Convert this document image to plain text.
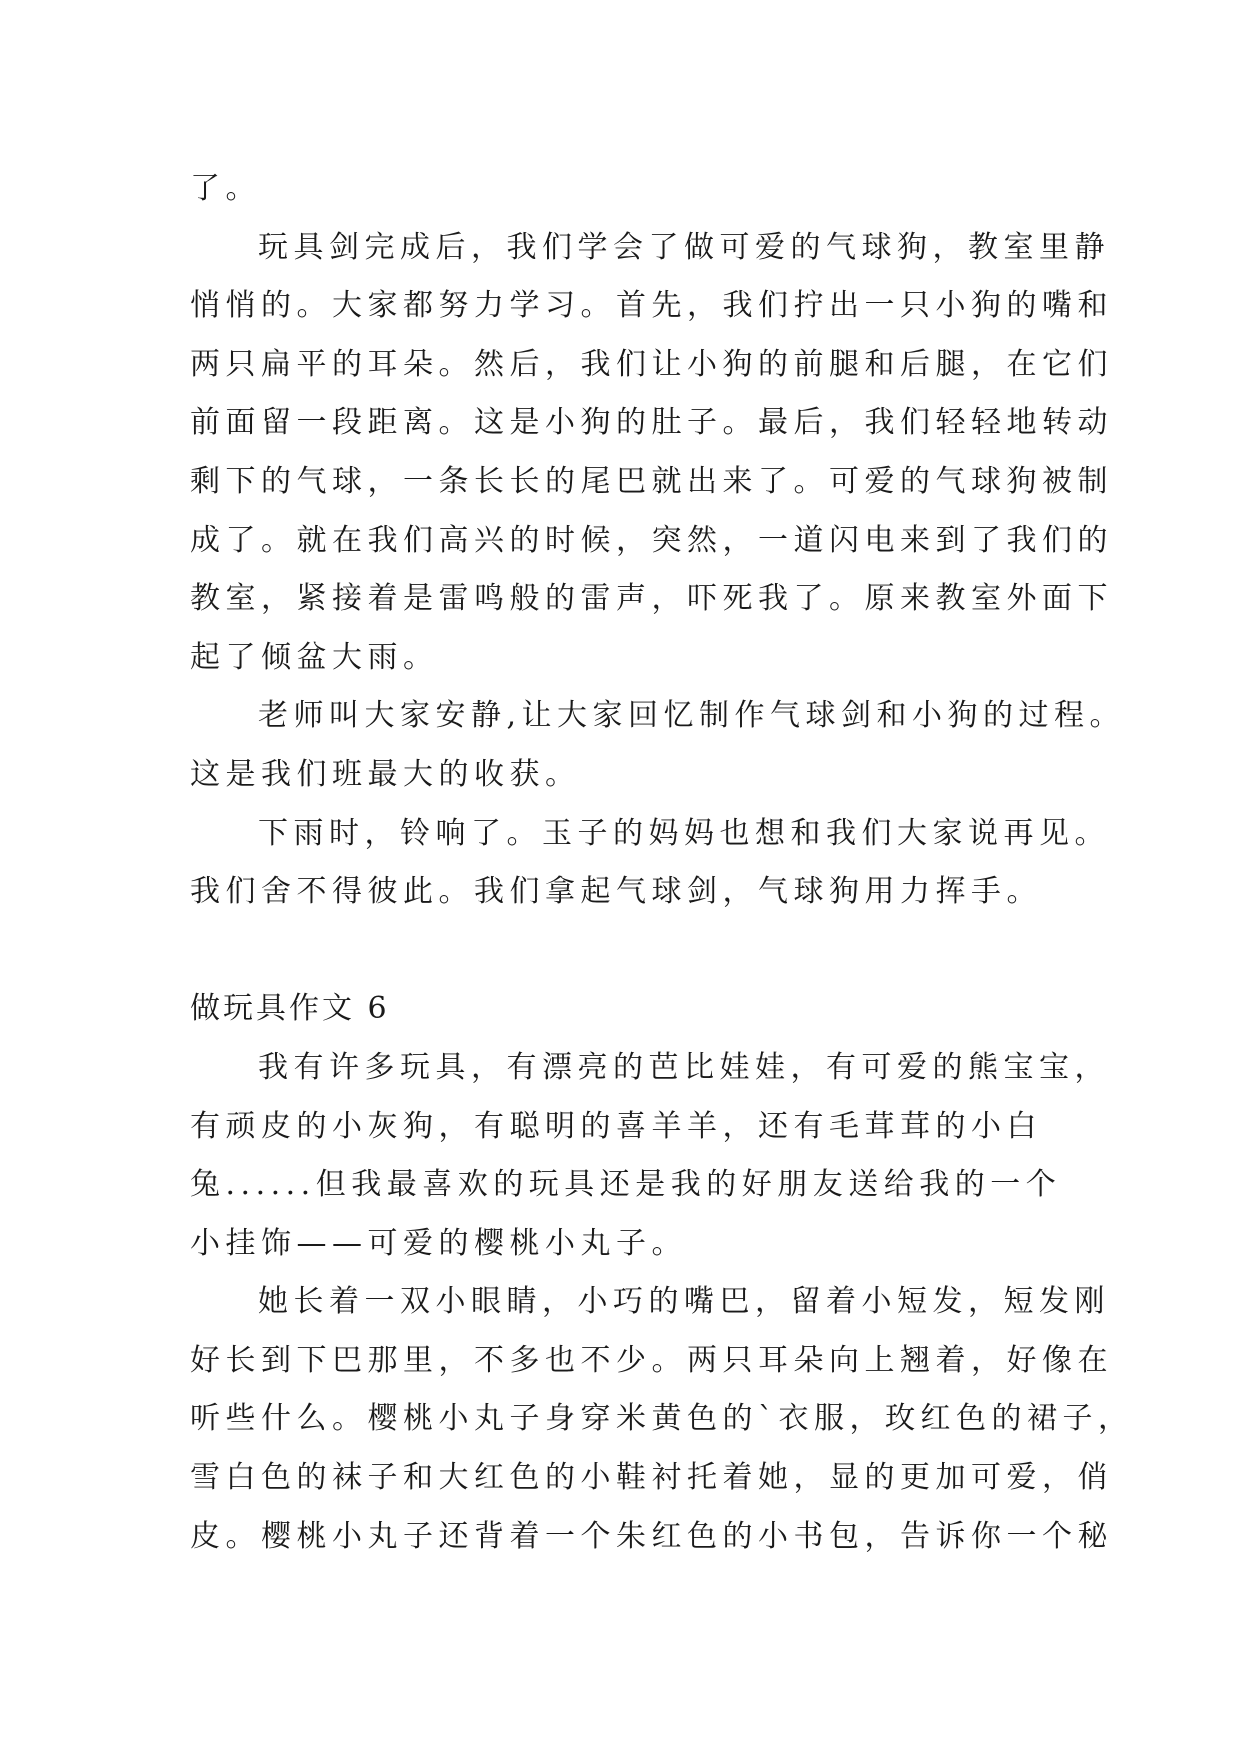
了。
玩具剑完成后，我们学会了做可爱的气球狗，教室里静
悄悄的。大家都努力学习。首先，我们拧出一只小狗的嘴和
两只扁平的耳朵。然后，我们让小狗的前腿和后腿，在它们
前面留一段距离。这是小狗的肚子。最后，我们轻轻地转动
剩下的气球，一条长长的尾巴就出来了。可爱的气球狗被制
成了。就在我们高兴的时候，突然，一道闪电来到了我们的
教室，紧接着是雷鸣般的雷声，吓死我了。原来教室外面下
起了倾盆大雨。
老师叫大家安静,让大家回忆制作气球剑和小狗的过程。
这是我们班最大的收获。
下雨时，铃响了。玉子的妈妈也想和我们大家说再见。
我们舍不得彼此。我们拿起气球剑，气球狗用力挥手。
做玩具作文 6
我有许多玩具，有漂亮的芭比娃娃，有可爱的熊宝宝，
有顽皮的小灰狗，有聪明的喜羊羊，还有毛茸茸的小白
兔......但我最喜欢的玩具还是我的好朋友送给我的一个
小挂饰——可爱的樱桃小丸子。
她长着一双小眼睛，小巧的嘴巴，留着小短发，短发刚
好长到下巴那里，不多也不少。两只耳朵向上翘着，好像在
听些什么。樱桃小丸子身穿米黄色的`衣服，玫红色的裙子，
雪白色的袜子和大红色的小鞋衬托着她，显的更加可爱，俏
皮。樱桃小丸子还背着一个朱红色的小书包，告诉你一个秘
